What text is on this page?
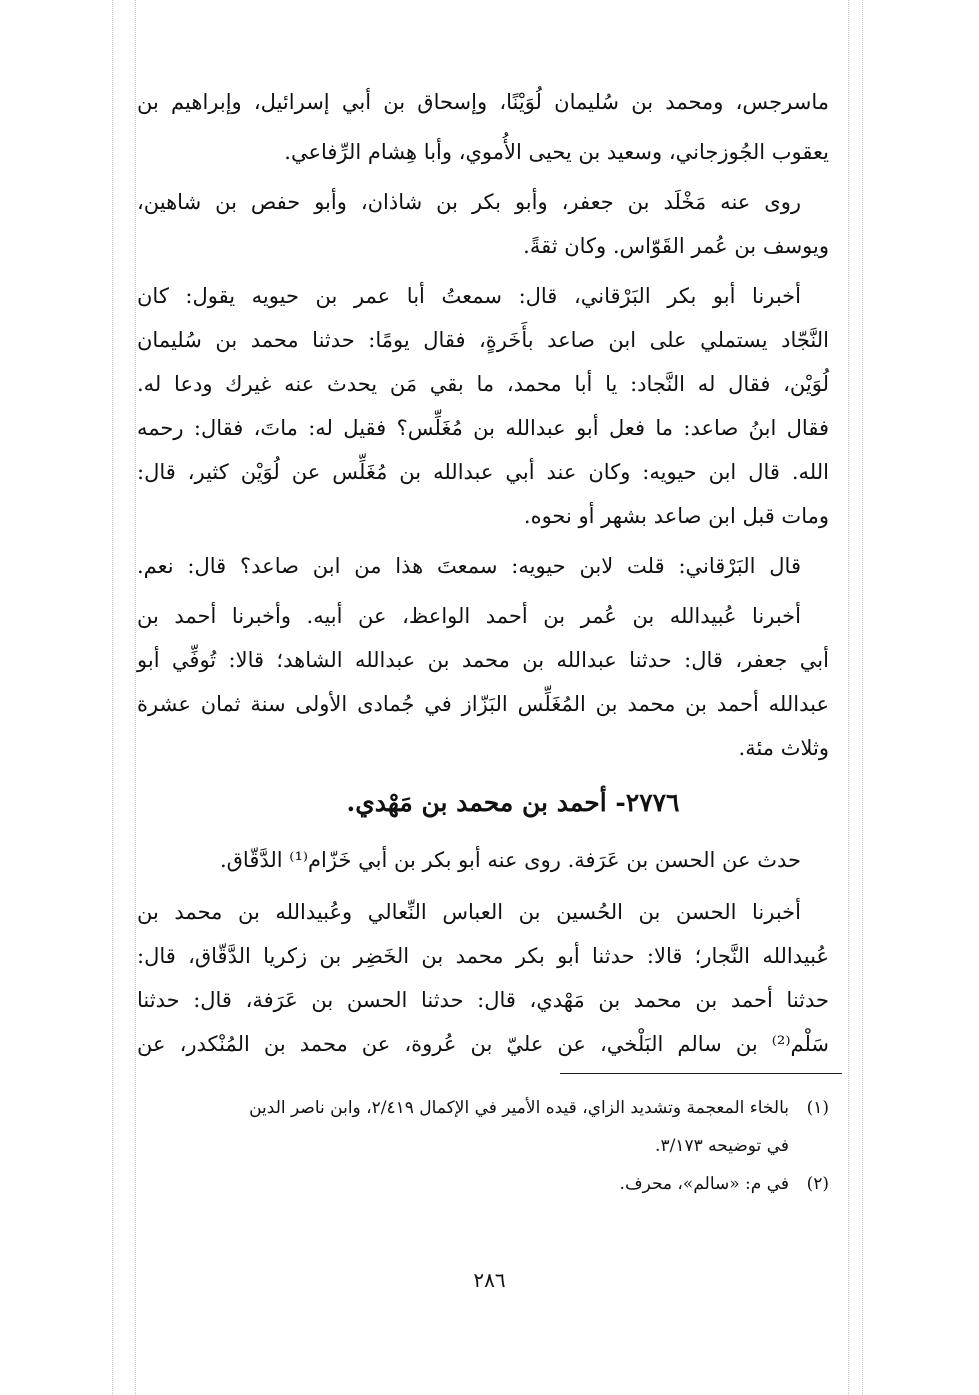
ماسرجس، ومحمد بن سُليمان لُوَيْنًا، وإسحاق بن أبي إسرائيل، وإبراهيم بن
يعقوب الجُوزجاني، وسعيد بن يحيى الأُموي، وأبا هِشام الرِّفاعي.
روى عنه مَخْلَد بن جعفر، وأبو بكر بن شاذان، وأبو حفص بن شاهين،
ويوسف بن عُمر القَوّاس. وكان ثقةً.
أخبرنا أبو بكر البَرْقاني، قال: سمعتُ أبا عمر بن حيويه يقول: كان
النَّجّاد يستملي على ابن صاعد بأَخَرةٍ، فقال يومًا: حدثنا محمد بن سُليمان
لُوَيْن، فقال له النَّجاد: يا أبا محمد، ما بقي مَن يحدث عنه غيرك ودعا له.
فقال ابنُ صاعد: ما فعل أبو عبدالله بن مُغَلِّس؟ فقيل له: ماتَ، فقال: رحمه
الله. قال ابن حيويه: وكان عند أبي عبدالله بن مُغَلِّس عن لُوَيْن كثير، قال:
ومات قبل ابن صاعد بشهر أو نحوه.
قال البَرْقاني: قلت لابن حيويه: سمعتَ هذا من ابن صاعد؟ قال: نعم.
أخبرنا عُبيدالله بن عُمر بن أحمد الواعظ، عن أبيه. وأخبرنا أحمد بن
أبي جعفر، قال: حدثنا عبدالله بن محمد بن عبدالله الشاهد؛ قالا: تُوفِّي أبو
عبدالله أحمد بن محمد بن المُغَلِّس البَزّاز في جُمادى الأولى سنة ثمان عشرة
وثلاث مئة.
٢٧٧٦- أحمد بن محمد بن مَهْدي.
حدث عن الحسن بن عَرَفة. روى عنه أبو بكر بن أبي خَزّام⁽¹⁾ الدَّقّاق.
أخبرنا الحسن بن الحُسين بن العباس النِّعالي وعُبيدالله بن محمد بن
عُبيدالله النَّجار؛ قالا: حدثنا أبو بكر محمد بن الخَضِر بن زكريا الدَّقّاق، قال:
حدثنا أحمد بن محمد بن مَهْدي، قال: حدثنا الحسن بن عَرَفة، قال: حدثنا
سَلْم⁽²⁾ بن سالم البَلْخي، عن عليّ بن عُروة، عن محمد بن المُنْكدر، عن
(١)بالخاء المعجمة وتشديد الزاي، قيده الأمير في الإكمال ٢/٤١٩، وابن ناصر الدين
في توضيحه ٣/١٧٣.
(٢)في م: «سالم»، محرف.
٢٨٦
